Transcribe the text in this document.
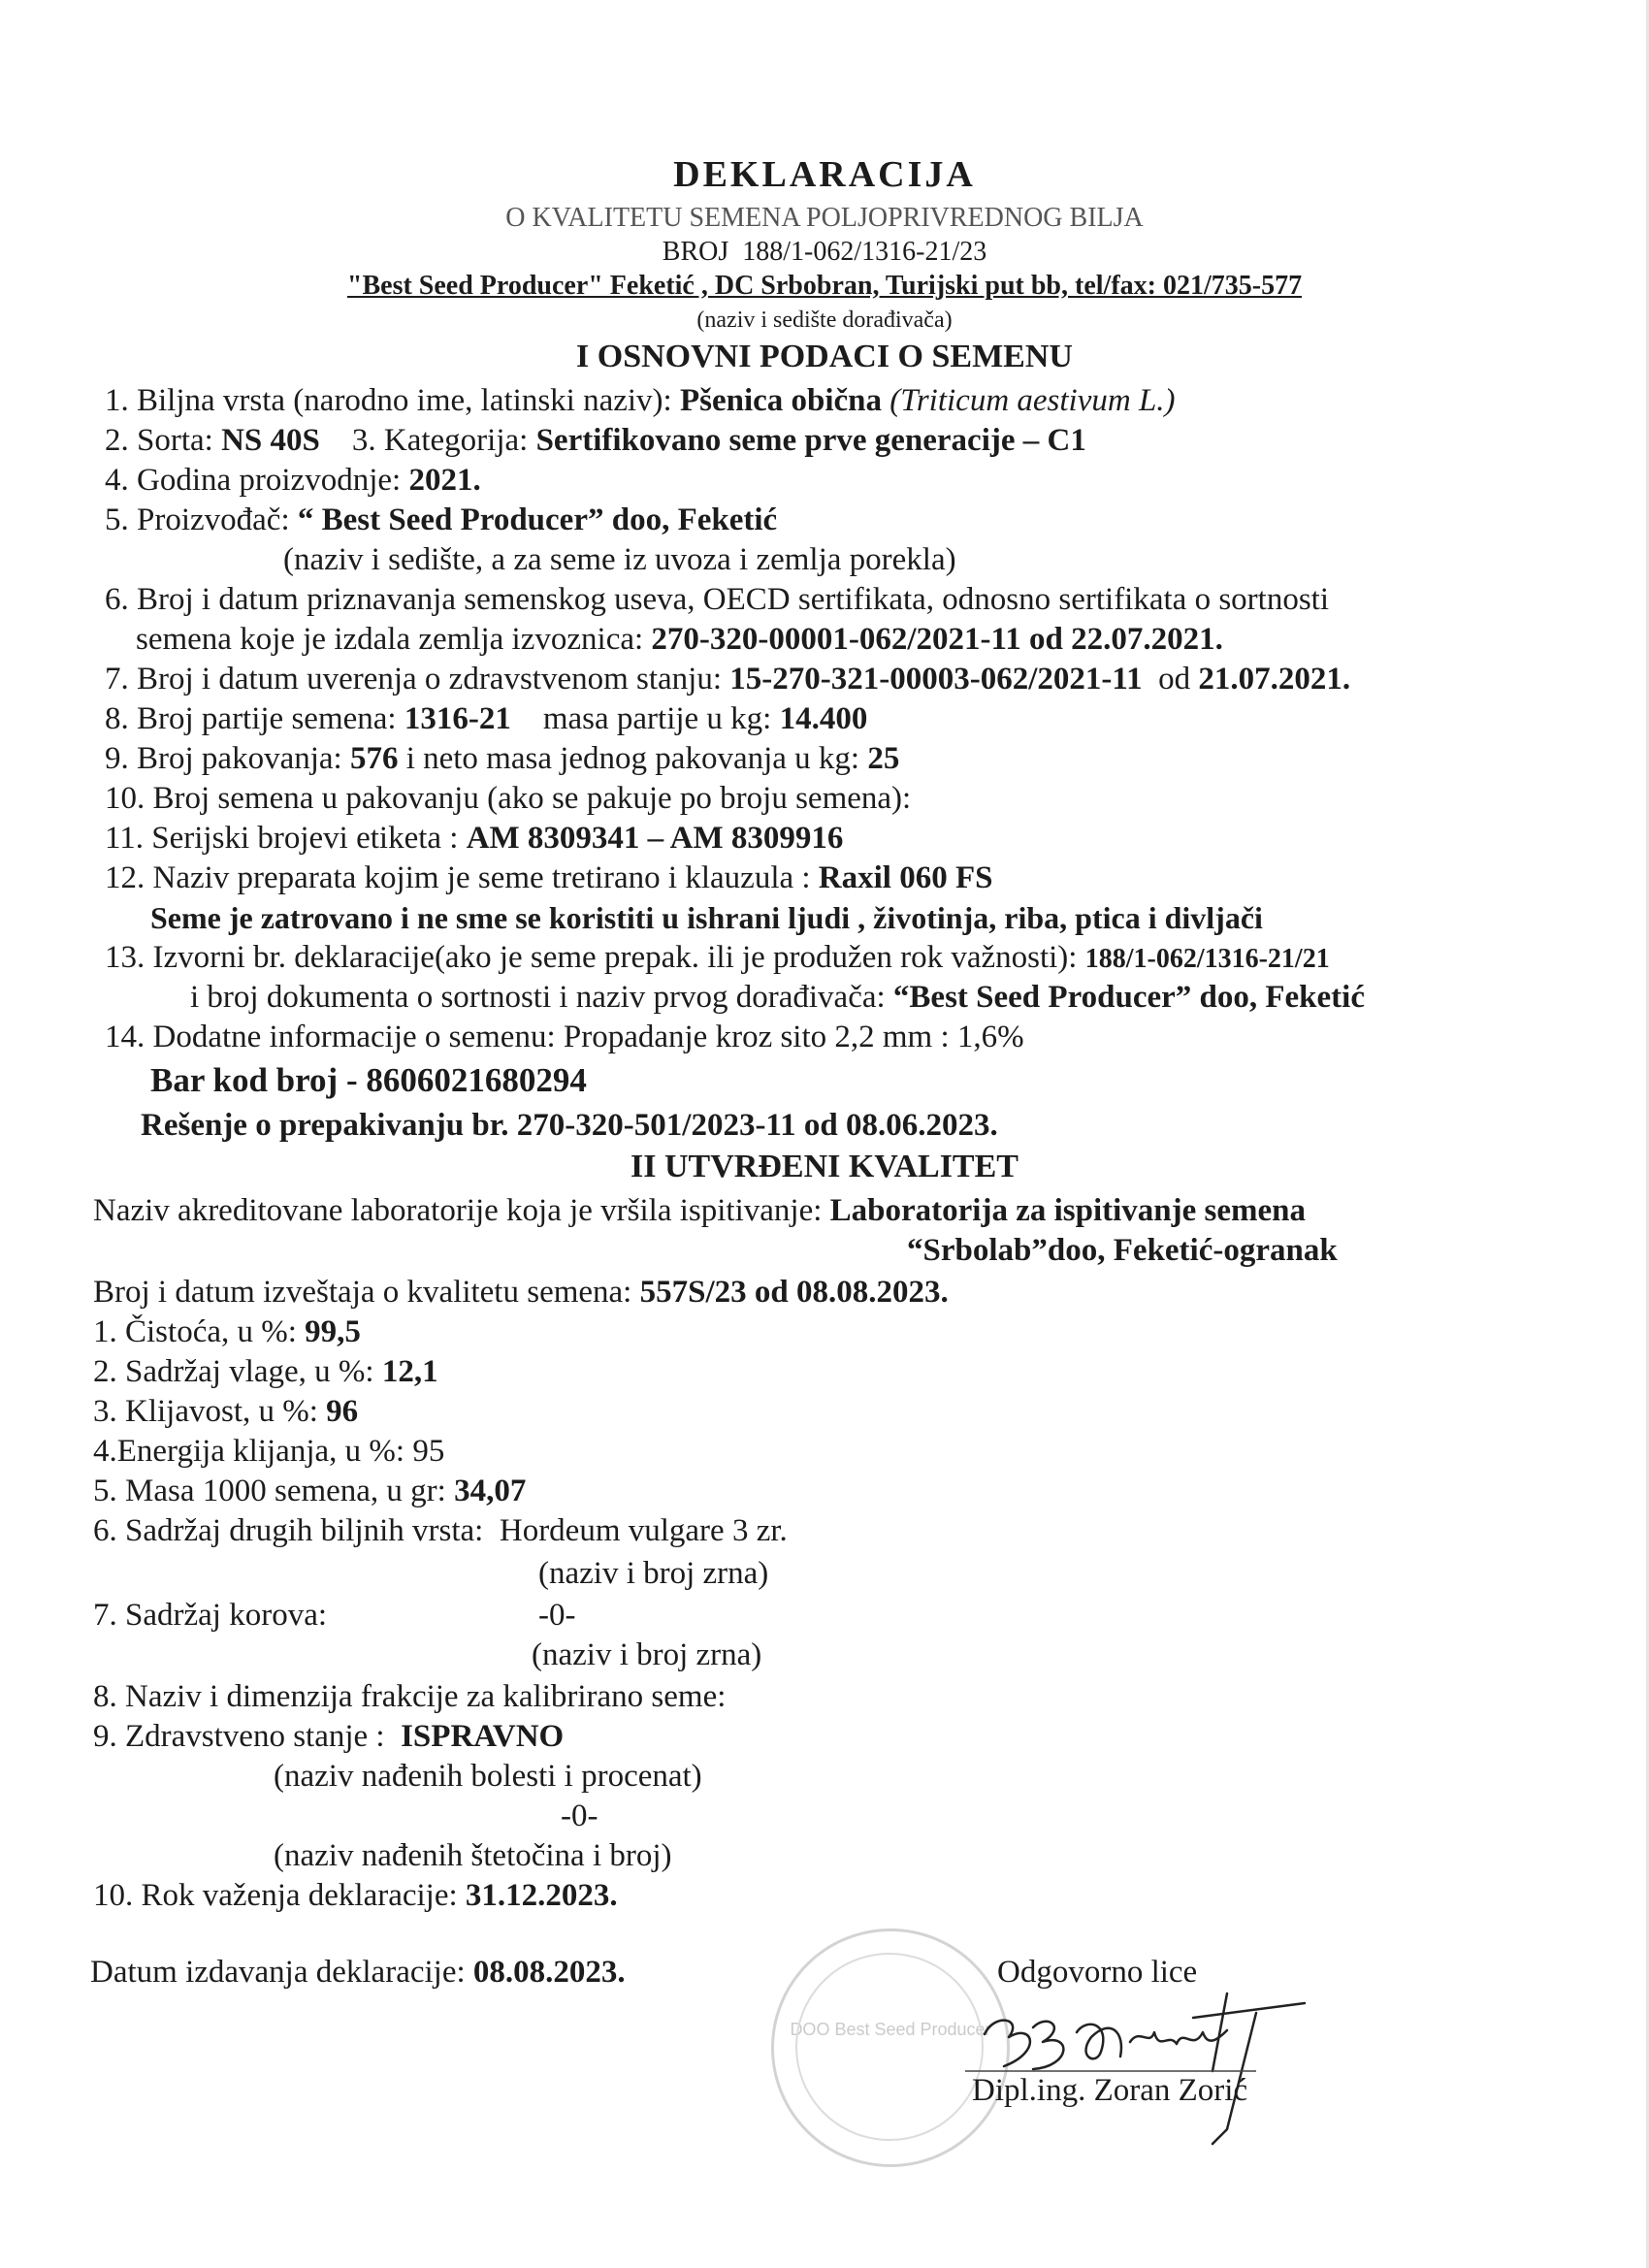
DEKLARACIJA
O KVALITETU SEMENA POLJOPRIVREDNOG BILJA
BROJ 188/1-062/1316-21/23
"Best Seed Producer" Feketić , DC Srbobran, Turijski put bb, tel/fax: 021/735-577
(naziv i sedište dorađivača)
I OSNOVNI PODACI O SEMENU
1. Biljna vrsta (narodno ime, latinski naziv): Pšenica obična (Triticum aestivum L.)
2. Sorta: NS 40S 3. Kategorija: Sertifikovano seme prve generacije – C1
4. Godina proizvodnje: 2021.
5. Proizvođač: “ Best Seed Producer” doo, Feketić
(naziv i sedište, a za seme iz uvoza i zemlja porekla)
6. Broj i datum priznavanja semenskog useva, OECD sertifikata, odnosno sertifikata o sortnosti
semena koje je izdala zemlja izvoznica: 270-320-00001-062/2021-11 od 22.07.2021.
7. Broj i datum uverenja o zdravstvenom stanju: 15-270-321-00003-062/2021-11 od 21.07.2021.
8. Broj partije semena: 1316-21 masa partije u kg: 14.400
9. Broj pakovanja: 576 i neto masa jednog pakovanja u kg: 25
10. Broj semena u pakovanju (ako se pakuje po broju semena):
11. Serijski brojevi etiketa : AM 8309341 – AM 8309916
12. Naziv preparata kojim je seme tretirano i klauzula : Raxil 060 FS
Seme je zatrovano i ne sme se koristiti u ishrani ljudi , životinja, riba, ptica i divljači
13. Izvorni br. deklaracije(ako je seme prepak. ili je produžen rok važnosti): 188/1-062/1316-21/21
i broj dokumenta o sortnosti i naziv prvog dorađivača: “Best Seed Producer” doo, Feketić
14. Dodatne informacije o semenu: Propadanje kroz sito 2,2 mm : 1,6%
Bar kod broj - 8606021680294
Rešenje o prepakivanju br. 270-320-501/2023-11 od 08.06.2023.
II UTVRĐENI KVALITET
Naziv akreditovane laboratorije koja je vršila ispitivanje: Laboratorija za ispitivanje semena
“Srbolab”doo, Feketić-ogranak
Broj i datum izveštaja o kvalitetu semena: 557S/23 od 08.08.2023.
1. Čistoća, u %: 99,5
2. Sadržaj vlage, u %: 12,1
3. Klijavost, u %: 96
4.Energija klijanja, u %: 95
5. Masa 1000 semena, u gr: 34,07
6. Sadržaj drugih biljnih vrsta: Hordeum vulgare 3 zr.
(naziv i broj zrna)
7. Sadržaj korova:	-0-
(naziv i broj zrna)
8. Naziv i dimenzija frakcije za kalibrirano seme:
9. Zdravstveno stanje : ISPRAVNO
(naziv nađenih bolesti i procenat)
-0-
(naziv nađenih štetočina i broj)
10. Rok važenja deklaracije: 31.12.2023.
Datum izdavanja deklaracije: 08.08.2023.
DOO Best Seed Producer
Odgovorno lice
Dipl.ing. Zoran Zorić
